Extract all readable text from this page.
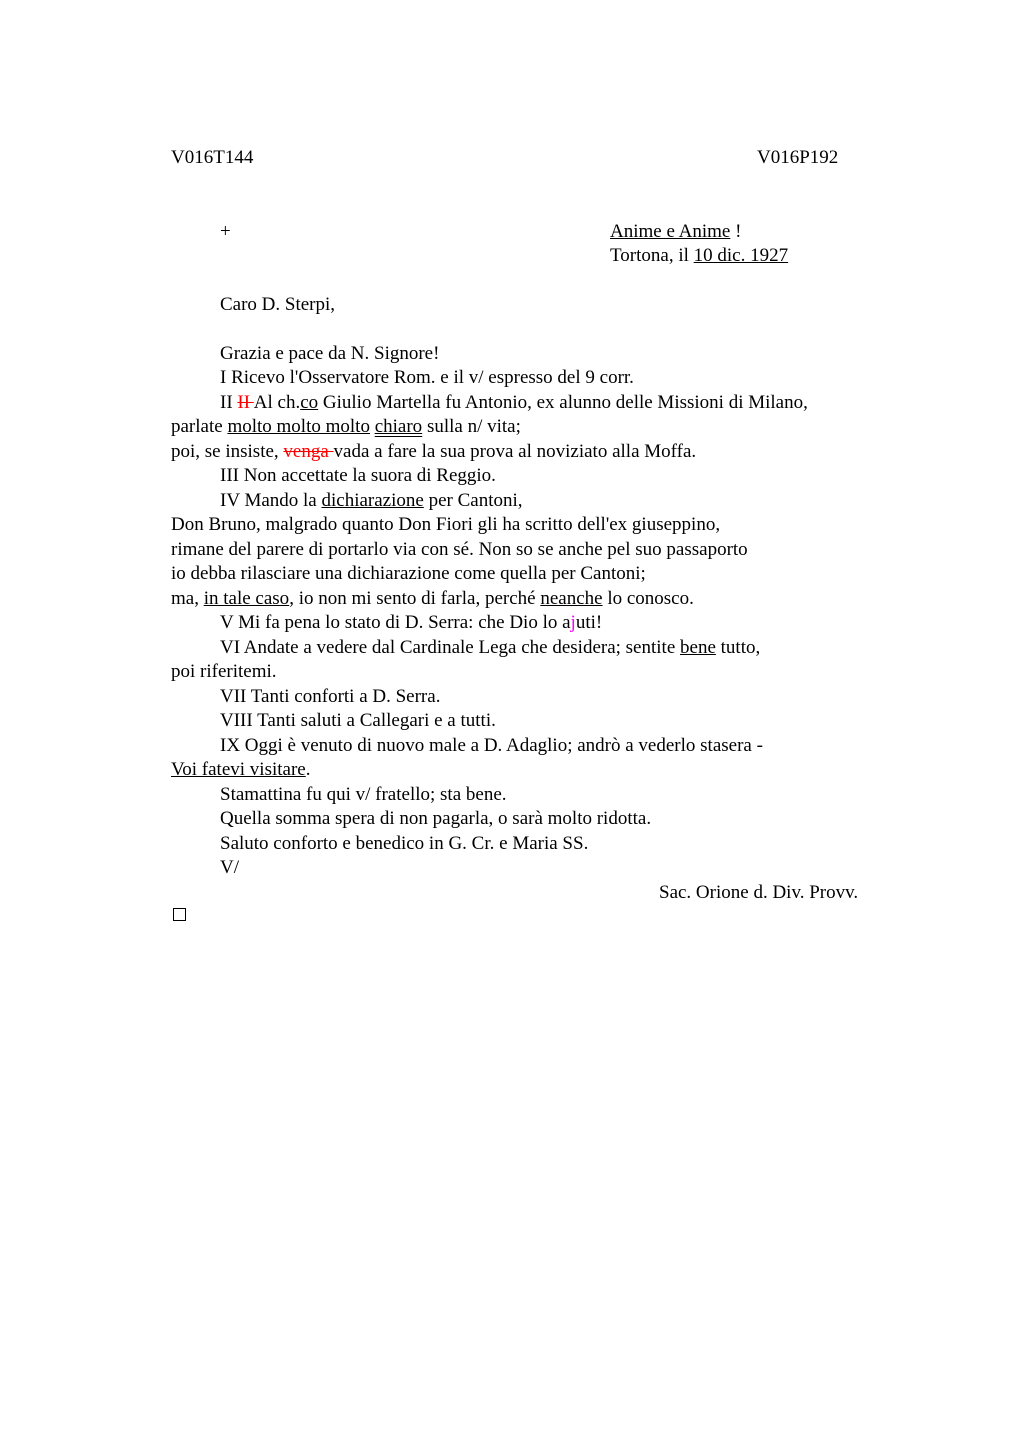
V016T144	V016P192
+	Anime e Anime !
Tortona, il 10 dic. 1927
Caro D. Sterpi,
Grazia e pace da N. Signore!
I Ricevo l'Osservatore Rom. e il v/ espresso del 9 corr.
II II Al ch.co Giulio Martella fu Antonio, ex alunno delle Missioni di Milano,
parlate molto molto molto chiaro sulla n/ vita;
poi, se insiste, venga vada a fare la sua prova al noviziato alla Moffa.
III Non accettate la suora di Reggio.
IV Mando la dichiarazione per Cantoni,
Don Bruno, malgrado quanto Don Fiori gli ha scritto dell'ex giuseppino,
rimane del parere di portarlo via con sé. Non so se anche pel suo passaporto
io debba rilasciare una dichiarazione come quella per Cantoni;
ma, in tale caso, io non mi sento di farla, perché neanche lo conosco.
V Mi fa pena lo stato di D. Serra: che Dio lo ajuti!
VI Andate a vedere dal Cardinale Lega che desidera; sentite bene tutto,
poi riferitemi.
VII Tanti conforti a D. Serra.
VIII Tanti saluti a Callegari e a tutti.
IX Oggi è venuto di nuovo male a D. Adaglio; andrò a vederlo stasera -
Voi fatevi visitare.
Stamattina fu qui v/ fratello; sta bene.
Quella somma spera di non pagarla, o sarà molto ridotta.
Saluto conforto e benedico in G. Cr. e Maria SS.
V/
Sac. Orione d. Div. Provv.
